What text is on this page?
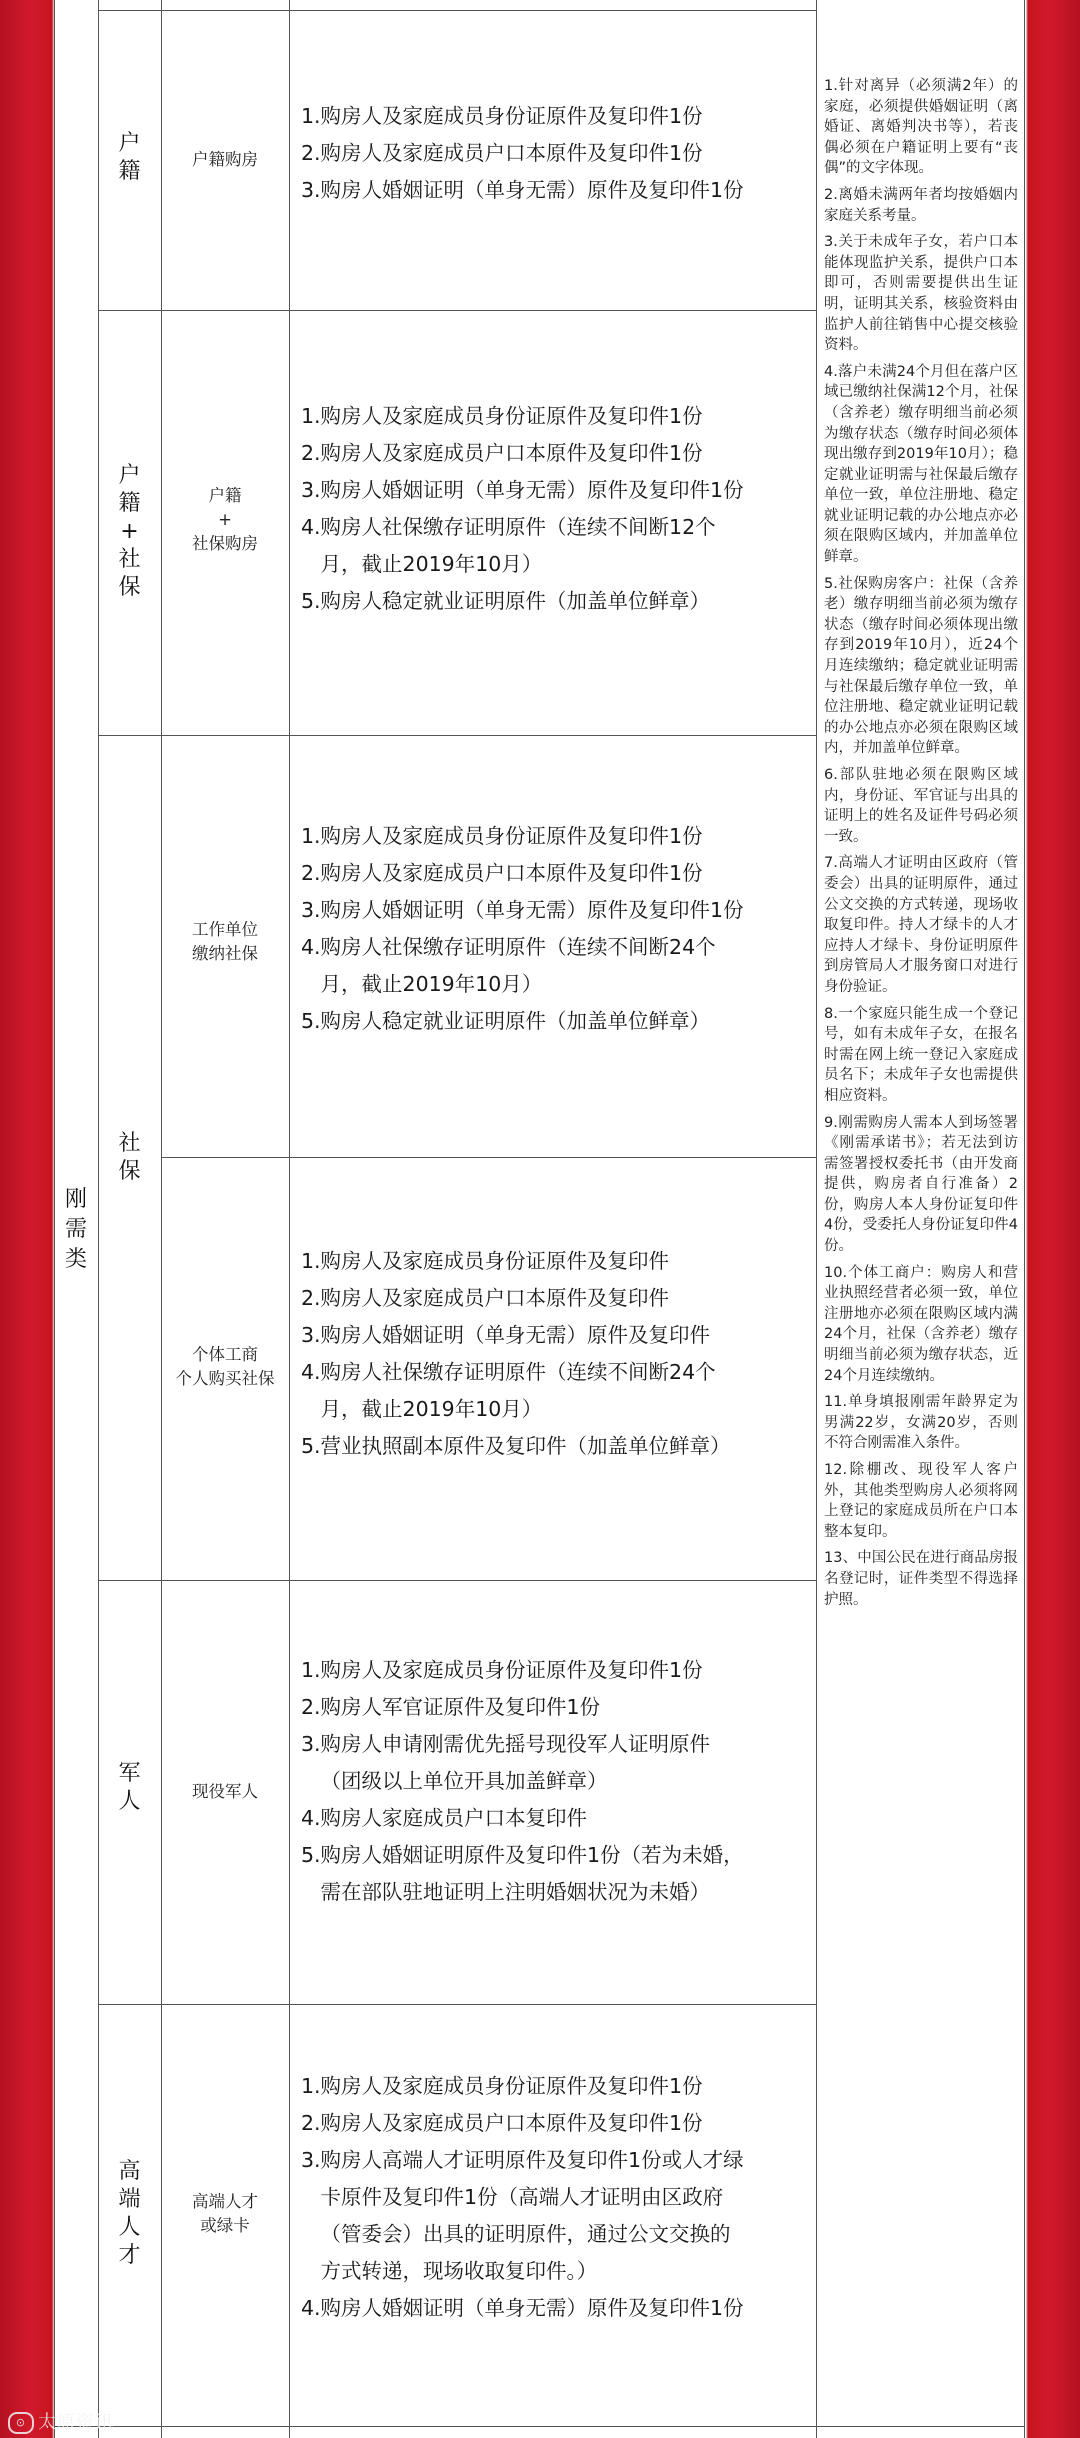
刚
需
类
户
籍	户籍购房
1.购房人及家庭成员身份证原件及复印件1份
2.购房人及家庭成员户口本原件及复印件1份
3.购房人婚姻证明（单身无需）原件及复印件1份
户
籍
+
社
保
户籍
+
社保购房
1.购房人及家庭成员身份证原件及复印件1份
2.购房人及家庭成员户口本原件及复印件1份
3.购房人婚姻证明（单身无需）原件及复印件1份
4.购房人社保缴存证明原件（连续不间断12个
月，截止2019年10月）
5.购房人稳定就业证明原件（加盖单位鲜章）
工作单位
缴纳社保
1.购房人及家庭成员身份证原件及复印件1份
2.购房人及家庭成员户口本原件及复印件1份
3.购房人婚姻证明（单身无需）原件及复印件1份
4.购房人社保缴存证明原件（连续不间断24个
月，截止2019年10月）
5.购房人稳定就业证明原件（加盖单位鲜章）
社
保
个体工商
个人购买社保
1.购房人及家庭成员身份证原件及复印件
2.购房人及家庭成员户口本原件及复印件
3.购房人婚姻证明（单身无需）原件及复印件
4.购房人社保缴存证明原件（连续不间断24个
月，截止2019年10月）
5.营业执照副本原件及复印件（加盖单位鲜章）
军
人	现役军人
1.购房人及家庭成员身份证原件及复印件1份
2.购房人军官证原件及复印件1份
3.购房人申请刚需优先摇号现役军人证明原件
（团级以上单位开具加盖鲜章）
4.购房人家庭成员户口本复印件
5.购房人婚姻证明原件及复印件1份（若为未婚，
需在部队驻地证明上注明婚姻状况为未婚）
高
端
人
才
高端人才
或绿卡
1.购房人及家庭成员身份证原件及复印件1份
2.购房人及家庭成员户口本原件及复印件1份
3.购房人高端人才证明原件及复印件1份或人才绿
卡原件及复印件1份（高端人才证明由区政府
（管委会）出具的证明原件，通过公文交换的
方式转递，现场收取复印件。）
4.购房人婚姻证明（单身无需）原件及复印件1份

1.针对离异（必须满2年）的家庭，必须提供婚姻证明（离婚证、离婚判决书等），若丧偶必须在户籍证明上要有“丧偶”的文字体现。

2.离婚未满两年者均按婚姻内家庭关系考量。

3.关于未成年子女，若户口本能体现监护关系，提供户口本即可，否则需要提供出生证明，证明其关系，核验资料由监护人前往销售中心提交核验资料。

4.落户未满24个月但在落户区域已缴纳社保满12个月，社保（含养老）缴存明细当前必须为缴存状态（缴存时间必须体现出缴存到2019年10月）；稳定就业证明需与社保最后缴存单位一致，单位注册地、稳定就业证明记载的办公地点亦必须在限购区域内，并加盖单位鲜章。

5.社保购房客户：社保（含养老）缴存明细当前必须为缴存状态（缴存时间必须体现出缴存到2019年10月），近24个月连续缴纳；稳定就业证明需与社保最后缴存单位一致，单位注册地、稳定就业证明记载的办公地点亦必须在限购区域内，并加盖单位鲜章。

6.部队驻地必须在限购区域内，身份证、军官证与出具的证明上的姓名及证件号码必须一致。

7.高端人才证明由区政府（管委会）出具的证明原件，通过公文交换的方式转递，现场收取复印件。持人才绿卡的人才应持人才绿卡、身份证明原件到房管局人才服务窗口对进行身份验证。

8.一个家庭只能生成一个登记号，如有未成年子女，在报名时需在网上统一登记入家庭成员名下；未成年子女也需提供相应资料。

9.刚需购房人需本人到场签署《刚需承诺书》；若无法到访需签署授权委托书（由开发商提供，购房者自行准备）2份，购房人本人身份证复印件4份，受委托人身份证复印件4份。

10.个体工商户：购房人和营业执照经营者必须一致，单位注册地亦必须在限购区域内满24个月，社保（含养老）缴存明细当前必须为缴存状态，近24个月连续缴纳。

11.单身填报刚需年龄界定为男满22岁，女满20岁，否则不符合刚需准入条件。

12.除棚改、现役军人客户外，其他类型购房人必须将网上登记的家庭成员所在户口本整本复印。

13、中国公民在进行商品房报名登记时，证件类型不得选择护照。

⊙ 太原资讯
